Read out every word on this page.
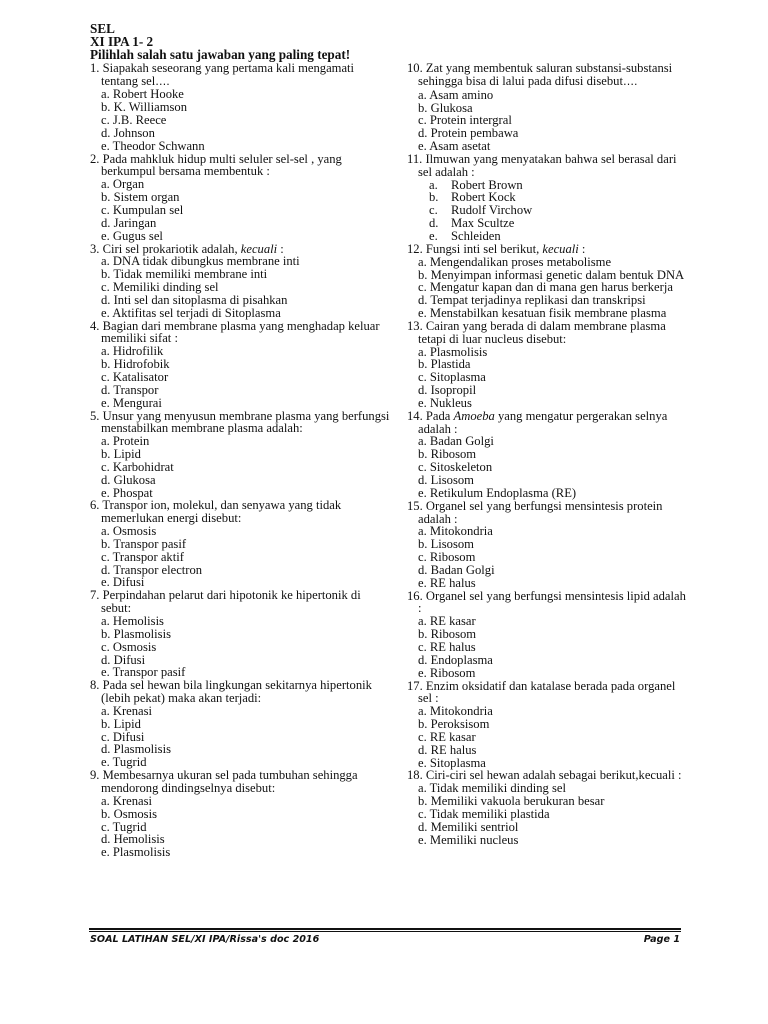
SEL
XI IPA 1- 2
Pilihlah salah satu jawaban yang paling tepat!
1. Siapakah seseorang yang pertama kali mengamati tentang sel….
a. Robert Hooke
b. K. Williamson
c. J.B. Reece
d. Johnson
e. Theodor Schwann
2. Pada mahkluk hidup multi seluler sel-sel , yang berkumpul bersama membentuk :
a. Organ
b. Sistem organ
c. Kumpulan sel
d. Jaringan
e. Gugus sel
3. Ciri sel prokariotik adalah, kecuali :
a. DNA tidak dibungkus membrane inti
b. Tidak memiliki membrane inti
c. Memiliki dinding sel
d. Inti sel dan sitoplasma di pisahkan
e. Aktifitas sel terjadi di Sitoplasma
4. Bagian dari membrane plasma yang menghadap keluar memiliki sifat :
a. Hidrofilik
b. Hidrofobik
c. Katalisator
d. Transpor
e. Mengurai
5. Unsur yang menyusun membrane plasma yang berfungsi menstabilkan membrane plasma adalah:
a. Protein
b. Lipid
c. Karbohidrat
d. Glukosa
e. Phospat
6. Transpor ion, molekul, dan senyawa yang tidak memerlukan energi disebut:
a. Osmosis
b. Transpor pasif
c. Transpor aktif
d. Transpor electron
e. Difusi
7. Perpindahan pelarut dari hipotonik ke hipertonik di sebut:
a. Hemolisis
b. Plasmolisis
c. Osmosis
d. Difusi
e. Transpor pasif
8. Pada sel hewan bila lingkungan sekitarnya hipertonik (lebih pekat) maka akan terjadi:
a. Krenasi
b. Lipid
c. Difusi
d. Plasmolisis
e. Tugrid
9. Membesarnya ukuran sel pada tumbuhan sehingga mendorong dindingselnya disebut:
a. Krenasi
b. Osmosis
c. Tugrid
d. Hemolisis
e. Plasmolisis
10. Zat yang membentuk saluran substansi-substansi sehingga bisa di lalui pada difusi disebut….
a. Asam amino
b. Glukosa
c. Protein intergral
d. Protein pembawa
e. Asam asetat
11. Ilmuwan yang menyatakan bahwa sel berasal dari sel adalah :
a. Robert Brown
b. Robert Kock
c. Rudolf Virchow
d. Max Scultze
e. Schleiden
12. Fungsi inti sel berikut, kecuali :
a. Mengendalikan proses metabolisme
b. Menyimpan informasi genetic dalam bentuk DNA
c. Mengatur kapan dan di mana gen harus berkerja
d. Tempat terjadinya replikasi dan transkripsi
e. Menstabilkan kesatuan fisik membrane plasma
13. Cairan yang berada di dalam membrane plasma tetapi di luar nucleus disebut:
a. Plasmolisis
b. Plastida
c. Sitoplasma
d. Isopropil
e. Nukleus
14. Pada Amoeba yang mengatur pergerakan selnya adalah :
a. Badan Golgi
b. Ribosom
c. Sitoskeleton
d. Lisosom
e. Retikulum Endoplasma (RE)
15. Organel sel yang berfungsi mensintesis protein adalah :
a. Mitokondria
b. Lisosom
c. Ribosom
d. Badan Golgi
e. RE halus
16. Organel sel yang berfungsi mensintesis lipid adalah :
a. RE kasar
b. Ribosom
c. RE halus
d. Endoplasma
e. Ribosom
17. Enzim oksidatif dan katalase berada pada organel sel :
a. Mitokondria
b. Peroksisom
c. RE kasar
d. RE halus
e. Sitoplasma
18. Ciri-ciri sel hewan adalah sebagai berikut,kecuali :
a. Tidak memiliki dinding sel
b. Memiliki vakuola berukuran besar
c. Tidak memiliki plastida
d. Memiliki sentriol
e. Memiliki nucleus
SOAL LATIHAN SEL/XI IPA/Rissa's doc 2016	Page 1
